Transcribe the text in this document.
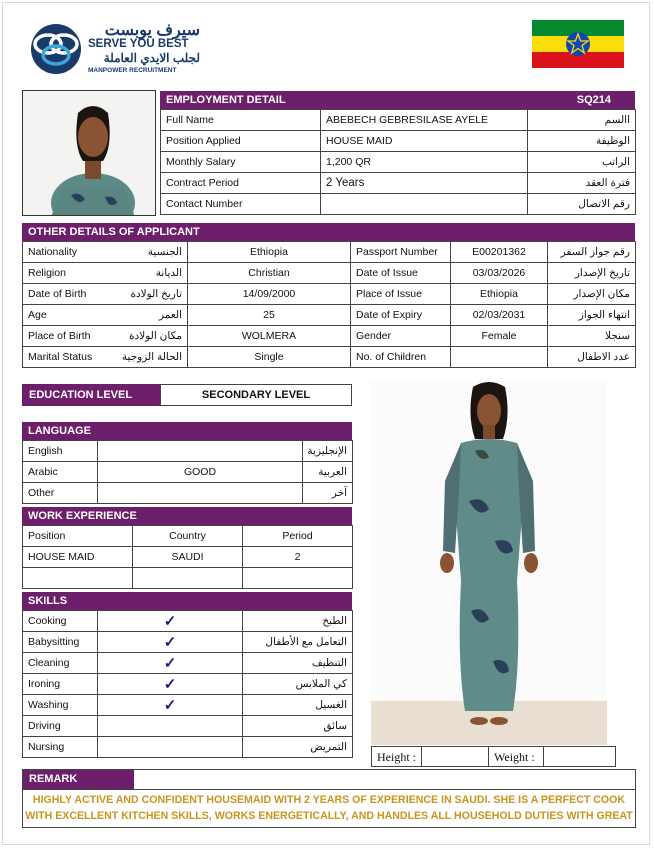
سيرف يوبست
SERVE YOU BEST
لجلب الايدي العاملة
MANPOWER RECRUITMENT
EMPLOYMENT DETAIL	SQ214
Full Name	ABEBECH GEBRESILASE AYELE	االسم
Position Applied	HOUSE MAID	الوظيفة
Monthly Salary	1,200 QR	الراتب
Contract Period	2 Years	فترة العقد
Contact Number		رقم الاتصال
OTHER DETAILS OF APPLICANT
Nationality	الجنسية	Ethiopia	Passport Number	E00201362	رقم جواز السفر
Religion	الديانة	Christian	Date of Issue	03/03/2026	تاريخ الإصدار
Date of Birth	تاريخ الولادة	14/09/2000	Place of Issue	Ethiopia	مكان الإصدار
Age	العمر	25	Date of Expiry	02/03/2031	انتهاء الجواز
Place of Birth	مكان الولادة	WOLMERA	Gender	Female	سنجلا
Marital Status	الحالة الزوجية	Single	No. of Children		عدد الاطفال
EDUCATION LEVEL	SECONDARY LEVEL
LANGUAGE
English		الإنجليزية
Arabic	GOOD	العربية
Other		آخر
WORK EXPERIENCE
Position	Country	Period
HOUSE MAID	SAUDI	2

SKILLS
Cooking	✓	الطبخ
Babysitting	✓	التعامل مع الأطفال
Cleaning	✓	التنظيف
Ironing	✓	كي الملابس
Washing	✓	الغسيل
Driving		سائق
Nursing		التمريض
Height :	Weight :
REMARK
HIGHLY ACTIVE AND CONFIDENT HOUSEMAID WITH 2 YEARS OF EXPERIENCE IN SAUDI. SHE IS A PERFECT COOK
WITH EXCELLENT KITCHEN SKILLS, WORKS ENERGETICALLY, AND HANDLES ALL HOUSEHOLD DUTIES WITH GREAT
